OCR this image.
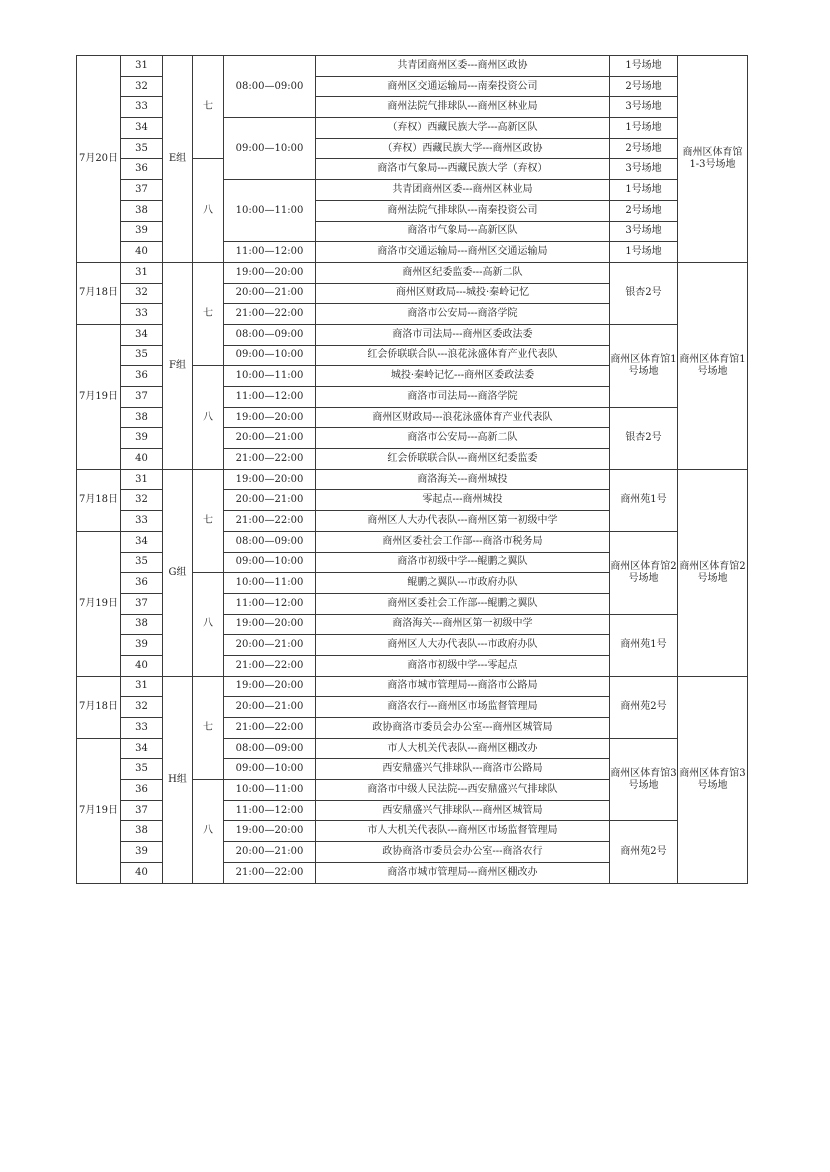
7月20日	31	E组	七	08:00—09:00	共青团商州区委---商州区政协	1号场地	商州区体育馆1-3号场地
	32				商州区交通运输局---南秦投资公司	2号场地	
	33				商州法院气排球队---商州区林业局	3号场地	
	34			09:00—10:00	（弃权）西藏民族大学---高新区队	1号场地	
	35				（弃权）西藏民族大学---商州区政协	2号场地	
	36		八		商洛市气象局---西藏民族大学（弃权）	3号场地	
	37			10:00—11:00	共青团商州区委---商州区林业局	1号场地	
	38				商州法院气排球队---南秦投资公司	2号场地	
	39				商洛市气象局---高新区队	3号场地	
	40			11:00—12:00	商洛市交通运输局---商州区交通运输局	1号场地	
7月18日	31	F组	七	19:00—20:00	商州区纪委监委---高新二队	银杏2号	商州区体育馆1号场地
	32			20:00—21:00	商州区财政局---城投·秦岭记忆		
	33			21:00—22:00	商洛市公安局---商洛学院		
7月19日	34			08:00—09:00	商洛市司法局---商州区委政法委	商州区体育馆1号场地	
	35			09:00—10:00	红会侨联联合队---浪花泳盛体育产业代表队		
	36		八	10:00—11:00	城投·秦岭记忆---商州区委政法委		
	37			11:00—12:00	商洛市司法局---商洛学院		
	38			19:00—20:00	商州区财政局---浪花泳盛体育产业代表队	银杏2号	
	39			20:00—21:00	商洛市公安局---高新二队		
	40			21:00—22:00	红会侨联联合队---商州区纪委监委		
7月18日	31	G组	七	19:00—20:00	商洛海关---商州城投	商州苑1号	商州区体育馆2号场地
	32			20:00—21:00	零起点---商州城投		
	33			21:00—22:00	商州区人大办代表队---商州区第一初级中学		
7月19日	34			08:00—09:00	商州区委社会工作部---商洛市税务局	商州区体育馆2号场地	
	35			09:00—10:00	商洛市初级中学---鲲鹏之翼队		
	36		八	10:00—11:00	鲲鹏之翼队---市政府办队		
	37			11:00—12:00	商州区委社会工作部---鲲鹏之翼队		
	38			19:00—20:00	商洛海关---商州区第一初级中学	商州苑1号	
	39			20:00—21:00	商州区人大办代表队---市政府办队		
	40			21:00—22:00	商洛市初级中学---零起点		
7月18日	31	H组	七	19:00—20:00	商洛市城市管理局---商洛市公路局	商州苑2号	商州区体育馆3号场地
	32			20:00—21:00	商洛农行---商州区市场监督管理局		
	33			21:00—22:00	政协商洛市委员会办公室---商州区城管局		
7月19日	34			08:00—09:00	市人大机关代表队---商州区棚改办	商州区体育馆3号场地	
	35			09:00—10:00	西安鼎盛兴气排球队---商洛市公路局		
	36		八	10:00—11:00	商洛市中级人民法院---西安鼎盛兴气排球队		
	37			11:00—12:00	西安鼎盛兴气排球队---商州区城管局		
	38			19:00—20:00	市人大机关代表队---商州区市场监督管理局	商州苑2号	
	39			20:00—21:00	政协商洛市委员会办公室---商洛农行		
	40			21:00—22:00	商洛市城市管理局---商州区棚改办		
